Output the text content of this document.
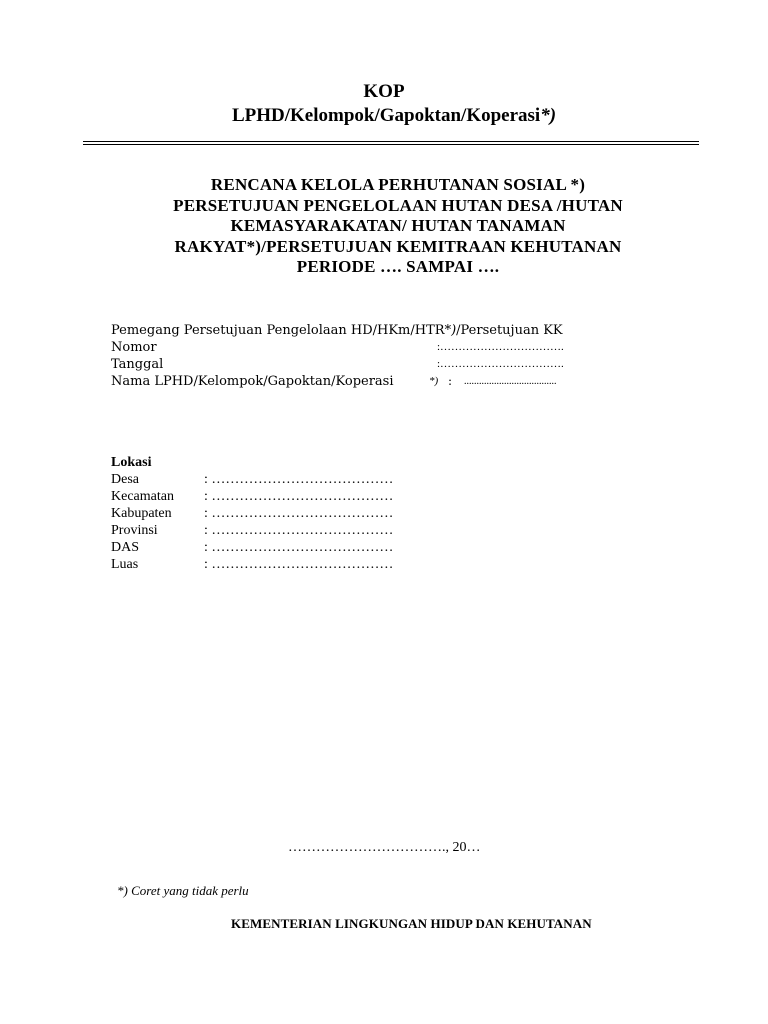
KOP
LPHD/Kelompok/Gapoktan/Koperasi*)
RENCANA KELOLA PERHUTANAN SOSIAL *)
PERSETUJUAN PENGELOLAAN HUTAN DESA /HUTAN
KEMASYARAKATAN/ HUTAN TANAMAN
RAKYAT*)/PERSETUJUAN KEMITRAAN KEHUTANAN
PERIODE …. SAMPAI ….
Pemegang Persetujuan Pengelolaan HD/HKm/HTR*)/Persetujuan KK
Nomor	:…………………………….
Tanggal	:…………………………….
Nama LPHD/Kelompok/Gapoktan/Koperasi	*) : .....................................
Lokasi
Desa	: …………………………………
Kecamatan : …………………………………
Kabupaten : …………………………………
Provinsi	: …………………………………
DAS	: …………………………………
Luas	: …………………………………
……………………………., 20…
*) Coret yang tidak perlu
KEMENTERIAN LINGKUNGAN HIDUP DAN KEHUTANAN
